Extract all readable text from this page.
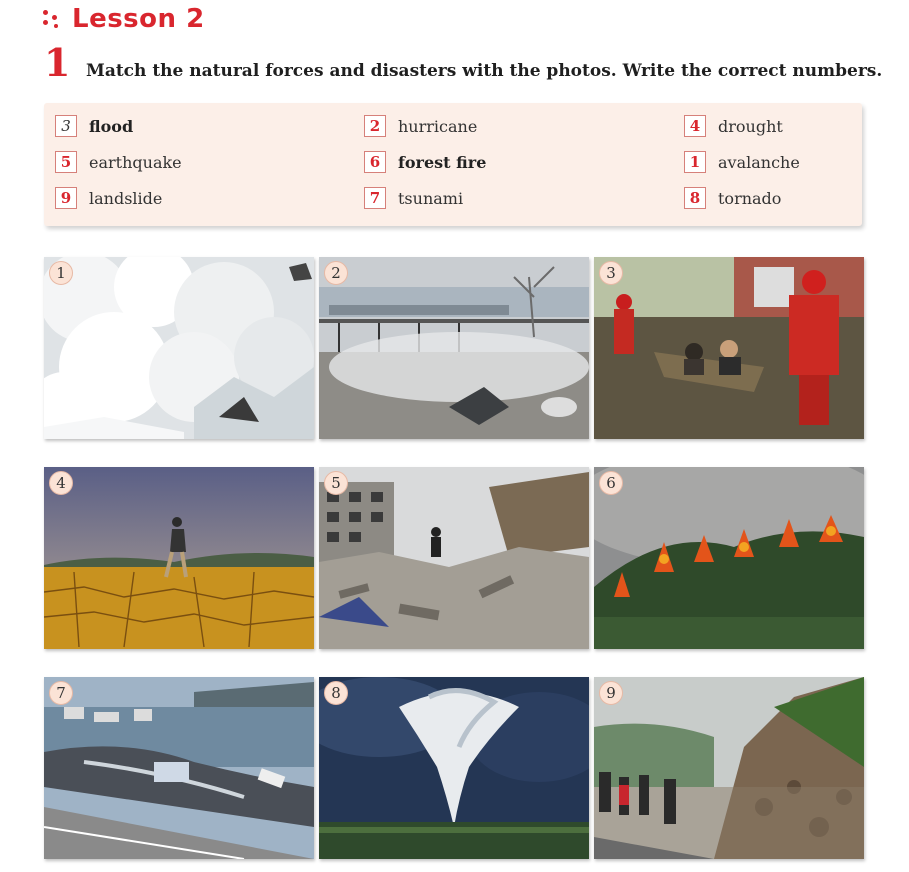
Lesson 2
1 Match the natural forces and disasters with the photos. Write the correct numbers.
3	flood	2	hurricane	4	drought
5	earthquake	6	forest fire	1	avalanche
9	landslide	7	tsunami	8	tornado
1	2	3
4	5	6
7	8	9
